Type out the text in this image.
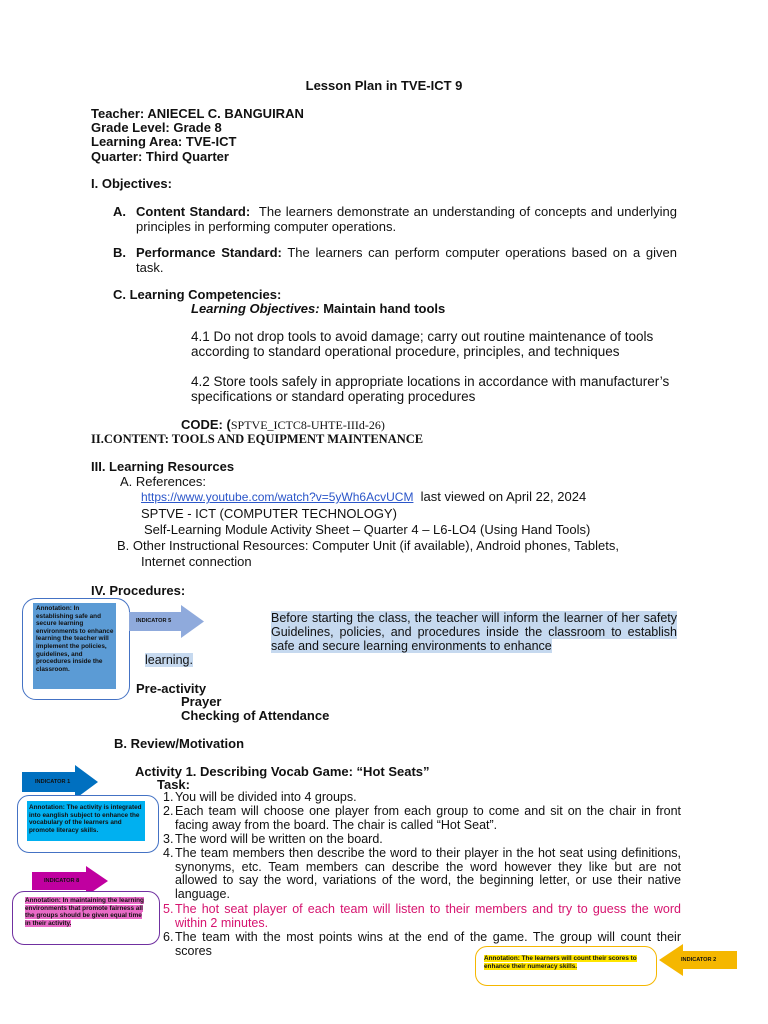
Lesson Plan in TVE-ICT 9
Teacher: ANIECEL C. BANGUIRAN
Grade Level: Grade 8
Learning Area: TVE-ICT
Quarter: Third Quarter
I. Objectives:
A. Content Standard: The learners demonstrate an understanding of concepts and underlying principles in performing computer operations.
B. Performance Standard: The learners can perform computer operations based on a given task.
C. Learning Competencies:
Learning Objectives: Maintain hand tools
4.1 Do not drop tools to avoid damage; carry out routine maintenance of tools according to standard operational procedure, principles, and techniques
4.2 Store tools safely in appropriate locations in accordance with manufacturer’s specifications or standard operating procedures
CODE: (SPTVE_ICTC8-UHTE-IIId-26)
II.CONTENT: TOOLS AND EQUIPMENT MAINTENANCE
III. Learning Resources
A. References:
https://www.youtube.com/watch?v=5yWh6AcvUCM last viewed on April 22, 2024
SPTVE - ICT (COMPUTER TECHNOLOGY)
Self-Learning Module Activity Sheet – Quarter 4 – L6-LO4 (Using Hand Tools)
B. Other Instructional Resources: Computer Unit (if available), Android phones, Tablets,
Internet connection
IV. Procedures:
Annotation: In establishing safe and secure learning environments to enhance learning the teacher will implement the policies, guidelines, and procedures inside the classroom.
INDICATOR 5	Before starting the class, the teacher will inform the learner of her safety Guidelines, policies, and procedures inside the classroom to establish safe and secure learning environments to enhance
learning.
Pre-activity
Prayer
Checking of Attendance
B. Review/Motivation
Activity 1. Describing Vocab Game: “Hot Seats”
Task:
INDICATOR 1
Annotation: The activity is integrated into eanglish subject to enhance the vocabulary of the learners and promote literacy skills.
INDICATOR 8
Annotation: In maintaining the learning environments that promote fairness all the groups should be given equal time in their activity.
1. You will be divided into 4 groups.
2. Each team will choose one player from each group to come and sit on the chair in front facing away from the board. The chair is called “Hot Seat”.
3. The word will be written on the board.
4. The team members then describe the word to their player in the hot seat using definitions, synonyms, etc. Team members can describe the word however they like but are not allowed to say the word, variations of the word, the beginning letter, or use their native language.
5. The hot seat player of each team will listen to their members and try to guess the word within 2 minutes.
6. The team with the most points wins at the end of the game. The group will count their scores
Annotation: The learners will count their scores to enhance their numeracy skills.
INDICATOR 2
